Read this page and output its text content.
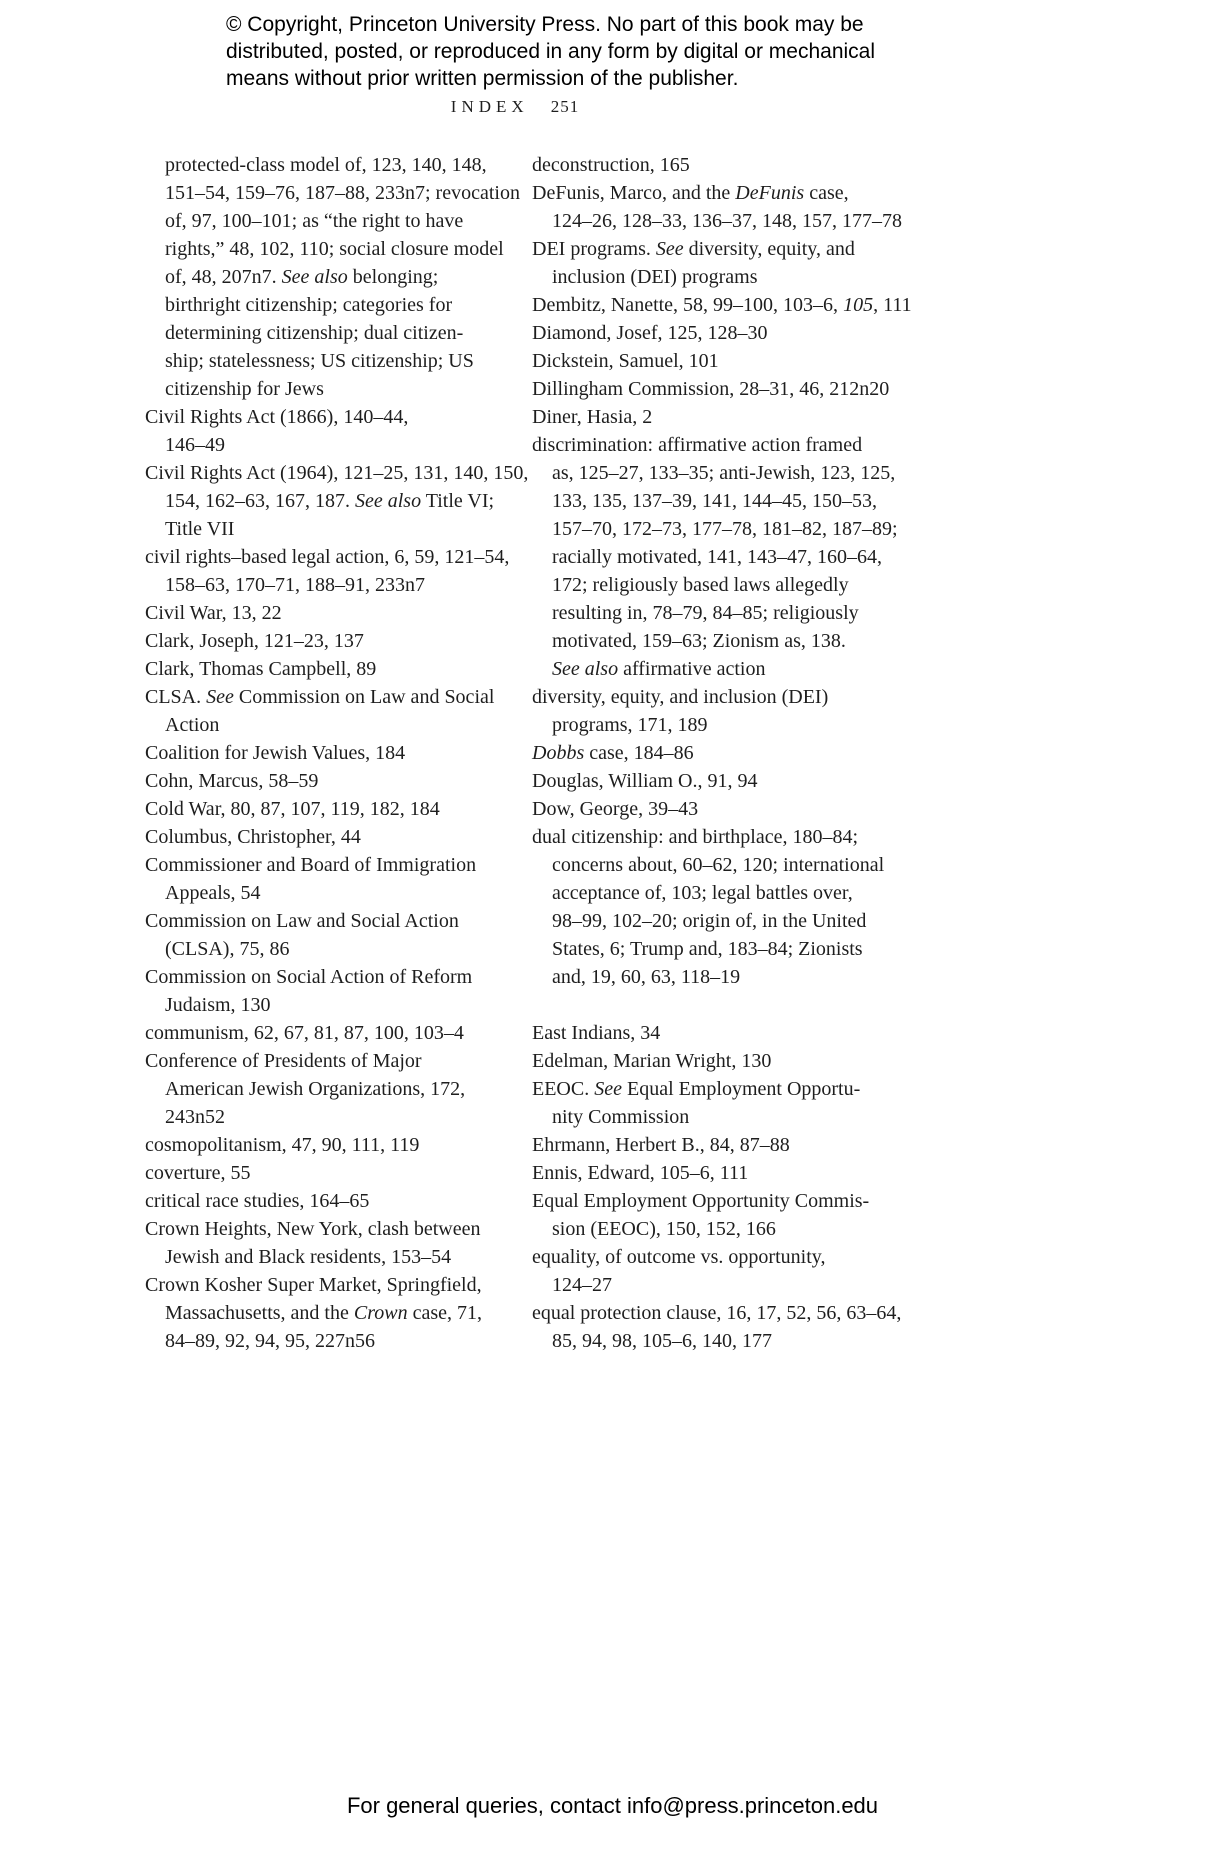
© Copyright, Princeton University Press. No part of this book may be
distributed, posted, or reproduced in any form by digital or mechanical
means without prior written permission of the publisher.
INDEX 251
protected-class model of, 123, 140, 148,
151–54, 159–76, 187–88, 233n7; revocation
of, 97, 100–101; as “the right to have
rights,” 48, 102, 110; social closure model
of, 48, 207n7. See also belonging;
birthright citizenship; categories for
determining citizenship; dual citizen-
ship; statelessness; US citizenship; US
citizenship for Jews
Civil Rights Act (1866), 140–44,
146–49
Civil Rights Act (1964), 121–25, 131, 140, 150,
154, 162–63, 167, 187. See also Title VI;
Title VII
civil rights–based legal action, 6, 59, 121–54,
158–63, 170–71, 188–91, 233n7
Civil War, 13, 22
Clark, Joseph, 121–23, 137
Clark, Thomas Campbell, 89
CLSA. See Commission on Law and Social
Action
Coalition for Jewish Values, 184
Cohn, Marcus, 58–59
Cold War, 80, 87, 107, 119, 182, 184
Columbus, Christopher, 44
Commissioner and Board of Immigration
Appeals, 54
Commission on Law and Social Action
(CLSA), 75, 86
Commission on Social Action of Reform
Judaism, 130
communism, 62, 67, 81, 87, 100, 103–4
Conference of Presidents of Major
American Jewish Organizations, 172,
243n52
cosmopolitanism, 47, 90, 111, 119
coverture, 55
critical race studies, 164–65
Crown Heights, New York, clash between
Jewish and Black residents, 153–54
Crown Kosher Super Market, Springfield,
Massachusetts, and the Crown case, 71,
84–89, 92, 94, 95, 227n56
deconstruction, 165
DeFunis, Marco, and the DeFunis case,
124–26, 128–33, 136–37, 148, 157, 177–78
DEI programs. See diversity, equity, and
inclusion (DEI) programs
Dembitz, Nanette, 58, 99–100, 103–6, 105, 111
Diamond, Josef, 125, 128–30
Dickstein, Samuel, 101
Dillingham Commission, 28–31, 46, 212n20
Diner, Hasia, 2
discrimination: affirmative action framed
as, 125–27, 133–35; anti-Jewish, 123, 125,
133, 135, 137–39, 141, 144–45, 150–53,
157–70, 172–73, 177–78, 181–82, 187–89;
racially motivated, 141, 143–47, 160–64,
172; religiously based laws allegedly
resulting in, 78–79, 84–85; religiously
motivated, 159–63; Zionism as, 138.
See also affirmative action
diversity, equity, and inclusion (DEI)
programs, 171, 189
Dobbs case, 184–86
Douglas, William O., 91, 94
Dow, George, 39–43
dual citizenship: and birthplace, 180–84;
concerns about, 60–62, 120; international
acceptance of, 103; legal battles over,
98–99, 102–20; origin of, in the United
States, 6; Trump and, 183–84; Zionists
and, 19, 60, 63, 118–19
East Indians, 34
Edelman, Marian Wright, 130
EEOC. See Equal Employment Opportu-
nity Commission
Ehrmann, Herbert B., 84, 87–88
Ennis, Edward, 105–6, 111
Equal Employment Opportunity Commis-
sion (EEOC), 150, 152, 166
equality, of outcome vs. opportunity,
124–27
equal protection clause, 16, 17, 52, 56, 63–64,
85, 94, 98, 105–6, 140, 177
For general queries, contact info@press.princeton.edu
